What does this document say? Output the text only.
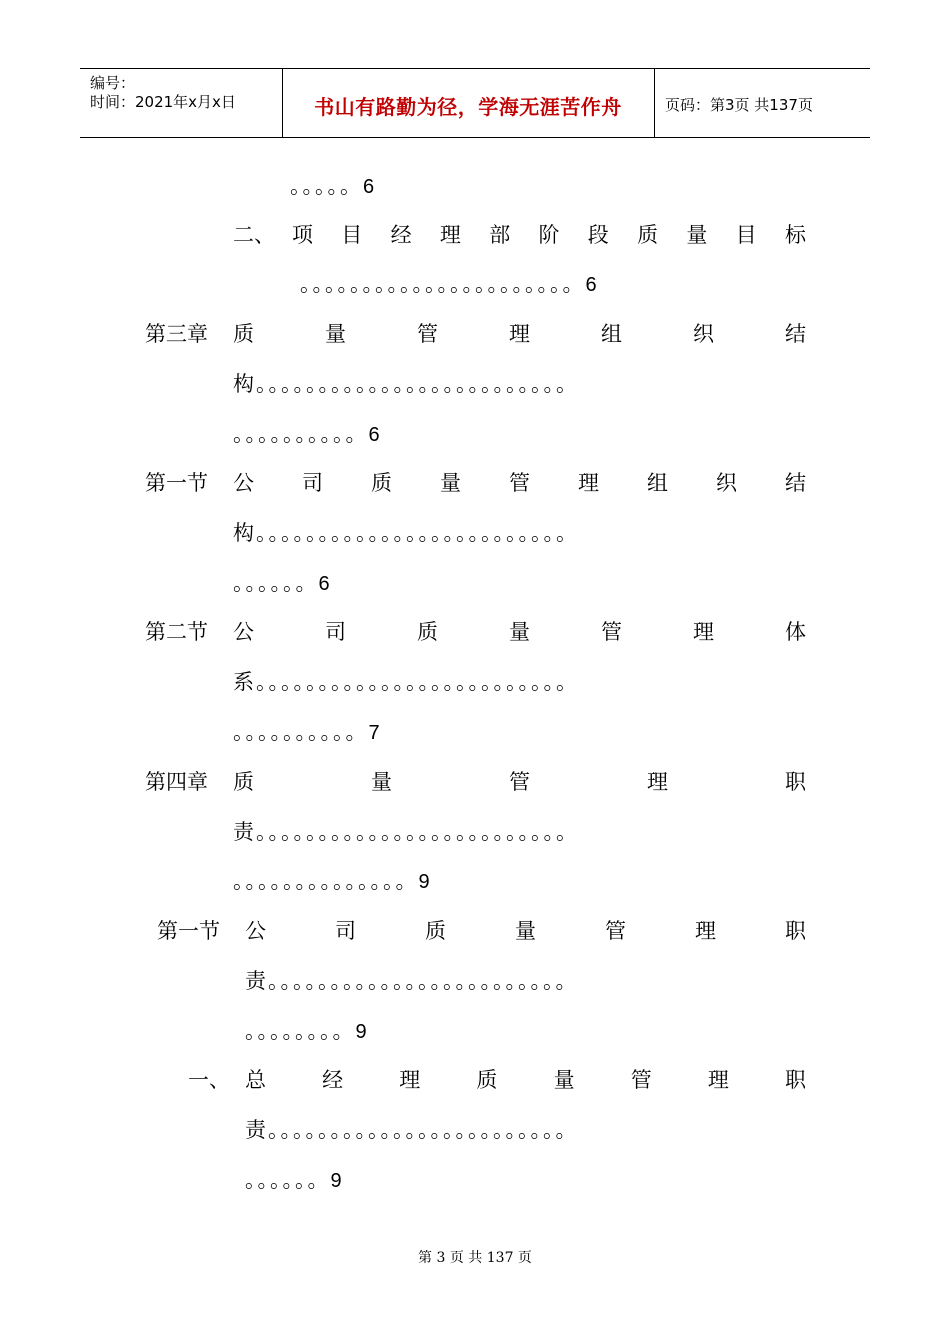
编号：
时间：2021年x月x日	书山有路勤为径，学海无涯苦作舟	页码：第3页 共137页
。。。。。6
二、 项 目 经 理 部 阶 段 质 量 目 标
。。。。。。。。。。。。。。。。。。。。。。6
第三章 质	量	管	理	组	织	结
构。。。。。。。。。。。。。。。。。。。。。。。。。
。。。。。。。。。。6
第一节 公 司 质 量 管 理 组 织 结
构。。。。。。。。。。。。。。。。。。。。。。。。。
。。。。。。6
第二节 公	司	质	量	管	理	体
系。。。。。。。。。。。。。。。。。。。。。。。。。
。。。。。。。。。。7
第四章 质	量	管	理	职
责。。。。。。。。。。。。。。。。。。。。。。。。。
。。。。。。。。。。。。。。9
第一节 公	司	质	量	管	理	职
责。。。。。。。。。。。。。。。。。。。。。。。。
。。。。。。。。9
一、 总	经	理	质	量	管	理	职
责。。。。。。。。。。。。。。。。。。。。。。。。
。。。。。。9
第 3 页 共 137 页
